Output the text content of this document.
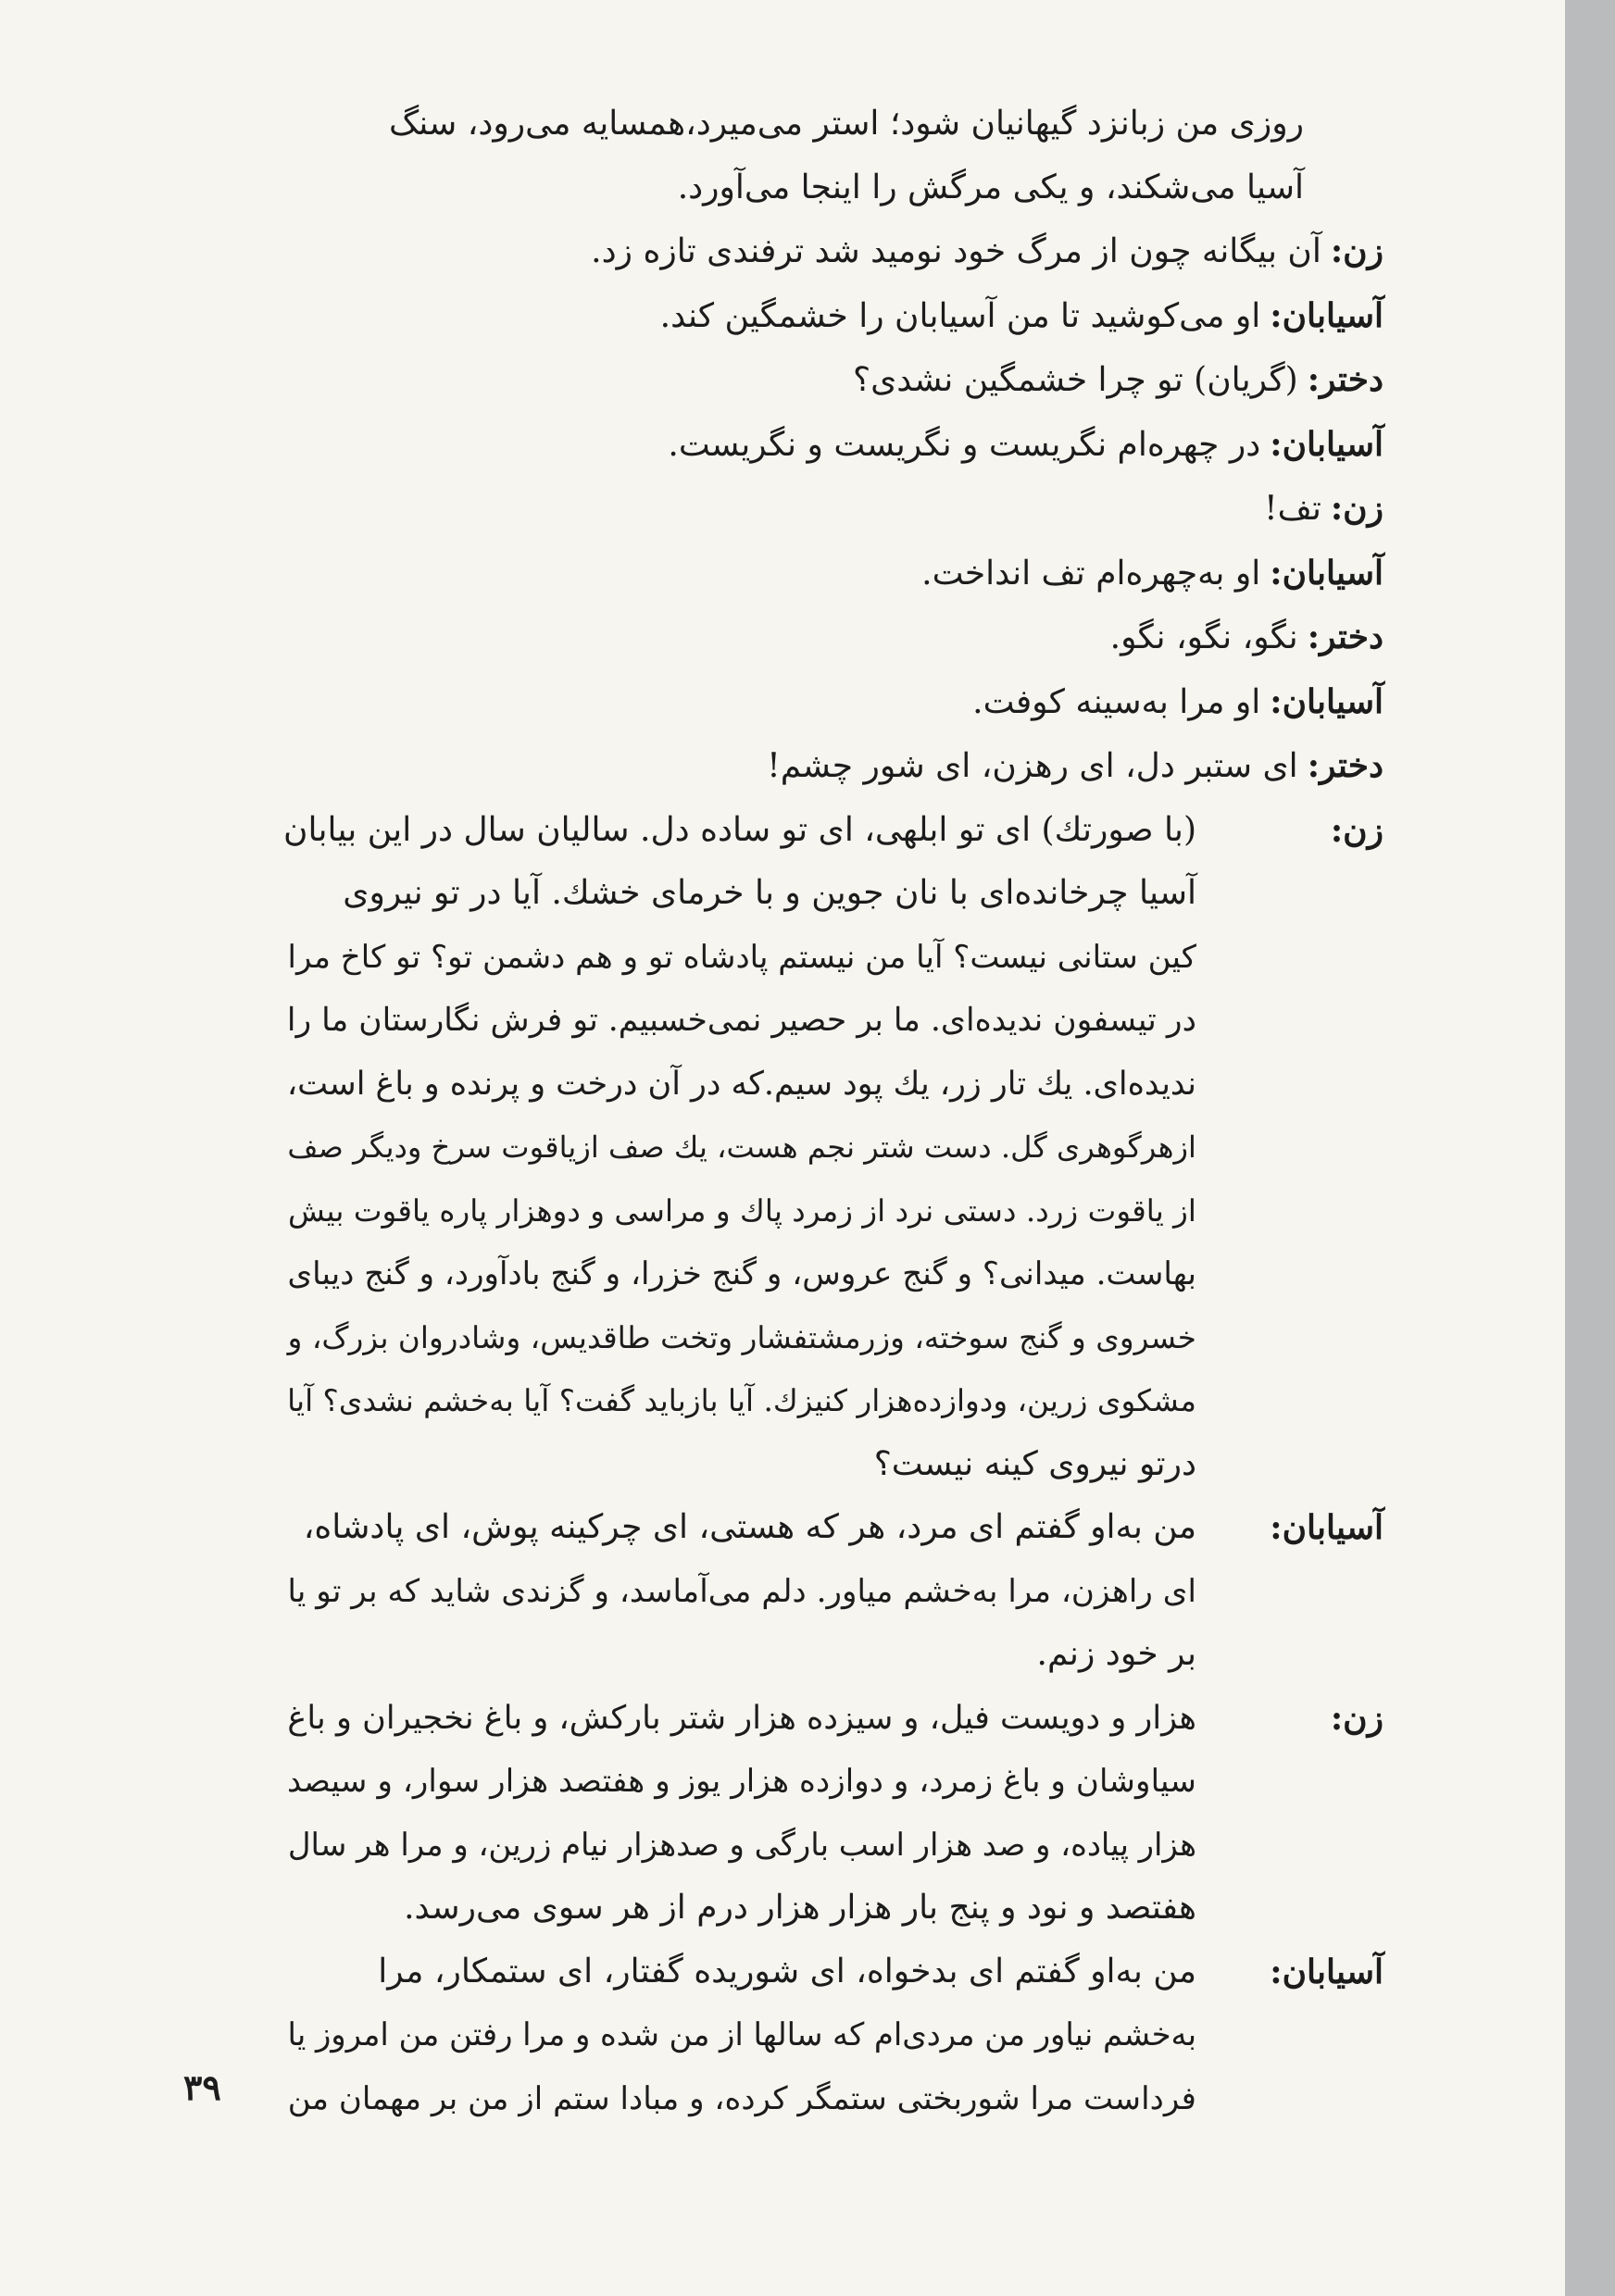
روزی من زبانزد گیهانیان شود؛ استر می‌میرد،همسایه می‌رود، سنگ
آسیا می‌شکند، و یکی مرگش را اینجا می‌آورد.
زن:آن بیگانه چون از مرگ خود نومید شد ترفندی تازه زد.
آسیابان:او می‌کوشید تا من آسیابان را خشمگین کند.
دختر:(گریان) تو چرا خشمگین نشدی؟
آسیابان:در چهره‌ام نگریست و نگریست و نگریست.
زن:تف!
آسیابان:او به‌چهره‌ام تف انداخت.
دختر:نگو، نگو، نگو.
آسیابان:او مرا به‌سینه کوفت.
دختر:ای ستبر دل، ای رهزن، ای شور چشم!
زن:
(با صورتك) ای تو ابلهی، ای تو ساده دل. سالیان سال در این بیابان
آسیا چرخانده‌ای با نان جوین و با خرمای خشك. آیا در تو نیروی
کین ستانی نیست؟ آیا من نیستم پادشاه تو و هم دشمن تو؟ تو کاخ مرا
در تیسفون ندیده‌ای. ما بر حصیر نمی‌خسبیم. تو فرش نگارستان ما را
ندیده‌ای. یك تار زر، یك پود سیم.که در آن درخت و پرنده و باغ است،
ازهرگوهری گل. دست شتر نجم هست، یك صف ازیاقوت سرخ ودیگر صف
از یاقوت زرد. دستی نرد از زمرد پاك و مراسی و دوهزار پاره یاقوت بیش
بهاست. میدانی؟ و گنج عروس، و گنج خزرا، و گنج بادآورد، و گنج دیبای
خسروی و گنج سوخته، وزرمشتفشار وتخت طاقدیس، وشادروان بزرگ، و
مشکوی زرین، ودوازده‌هزار کنیزك. آیا بازباید گفت؟ آیا به‌خشم نشدی؟ آیا
درتو نیروی کینه نیست؟
آسیابان:
من به‌او گفتم ای مرد، هر که هستی، ای چرکینه پوش، ای پادشاه،
ای راهزن، مرا به‌خشم میاور. دلم می‌آماسد، و گزندی شاید که بر تو یا
بر خود زنم.
زن:
هزار و دویست فیل، و سیزده هزار شتر بارکش، و باغ نخجیران و باغ
سیاوشان و باغ زمرد، و دوازده هزار یوز و هفتصد هزار سوار، و سیصد
هزار پیاده، و صد هزار اسب بارگی و صدهزار نیام زرین، و مرا هر سال
هفتصد و نود و پنج بار هزار هزار درم از هر سوی می‌رسد.
آسیابان:
من به‌او گفتم ای بدخواه، ای شوریده گفتار، ای ستمکار، مرا
به‌خشم نیاور من مردی‌ام که سالها از من شده و مرا رفتن من امروز یا
فرداست مرا شوربختی ستمگر کرده، و مبادا ستم از من بر مهمان من
۳۹
